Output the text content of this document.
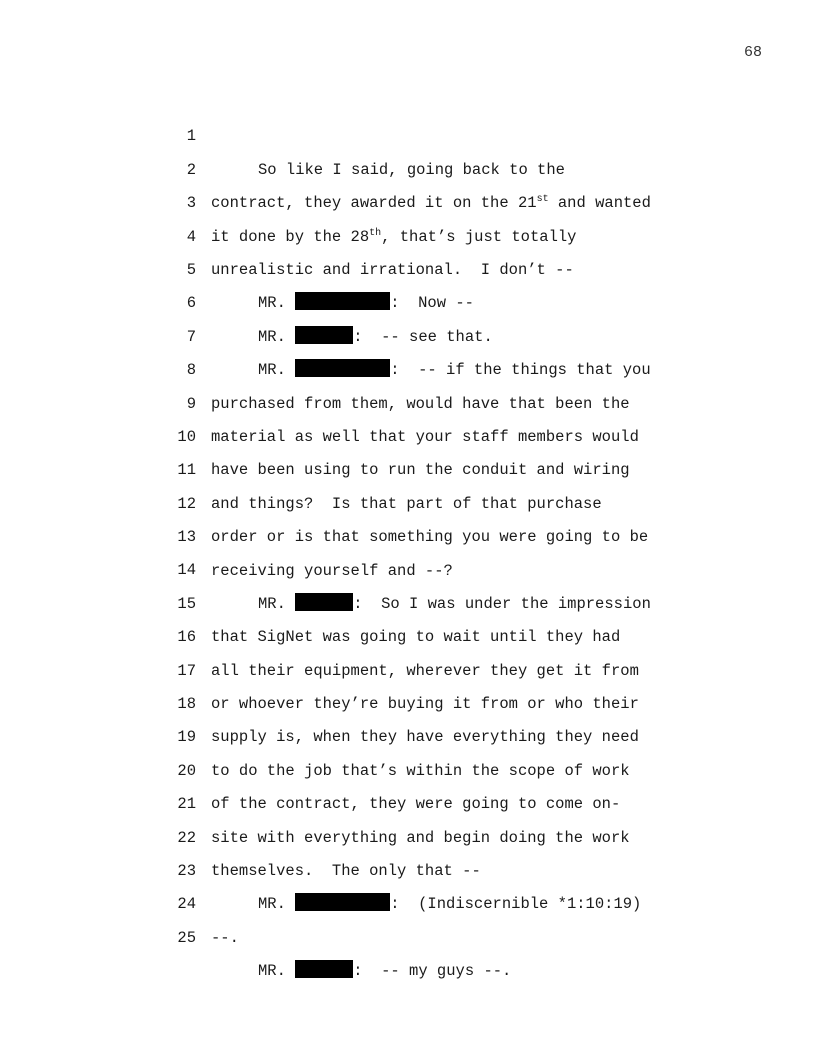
68

1

So like I said, going back to the

2

contract, they awarded it on the 21st and wanted

3

it done by the 28th, that’s just totally

4

unrealistic and irrational.  I don’t --

5

MR.	:  Now --

6

MR.	:  -- see that.

7

MR.	:  -- if the things that you

8

purchased from them, would have that been the

9

material as well that your staff members would

10

have been using to run the conduit and wiring

11

and things?  Is that part of that purchase

12

order or is that something you were going to be

13

receiving yourself and --?

14

MR.	:  So I was under the impression

15

that SigNet was going to wait until they had

16

all their equipment, wherever they get it from

17

or whoever they’re buying it from or who their

18

supply is, when they have everything they need

19

to do the job that’s within the scope of work

20

of the contract, they were going to come on-

21

site with everything and begin doing the work

22

themselves.  The only that --

23

MR.	:  (Indiscernible *1:10:19)

24

--.

25

MR.	:  -- my guys --.
